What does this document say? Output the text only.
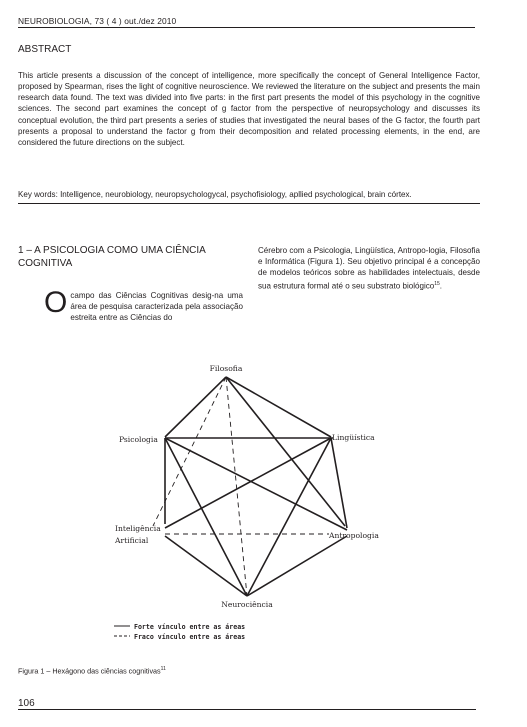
NEUROBIOLOGIA, 73 ( 4 ) out./dez 2010
ABSTRACT
This article presents a discussion of the concept of intelligence, more specifically the concept of General Intelligence Factor, proposed by Spearman, rises the light of cognitive neuroscience. We reviewed the literature on the subject and presents the main research data found. The text was divided into five parts: in the first part presents the model of this psychology in the cognitive sciences. The second part examines the concept of g factor from the perspective of neuropsychology and discusses its conceptual evolution, the third part presents a series of studies that investigated the neural bases of the G factor, the fourth part presents a proposal to understand the factor g from their decomposition and related processing elements, in the end, are considered the future directions on the subject.
Key words: Intelligence, neurobiology, neuropsychologycal, psychofisiology, apllied psychological, brain córtex.
1 – A PSICOLOGIA COMO UMA CIÊNCIA COGNITIVA
O campo das Ciências Cognitivas desig-na uma área de pesquisa caracterizada pela associação estreita entre as Ciências do
Cérebro com a Psicologia, Lingüística, Antropo-logia, Filosofia e Informática (Figura 1). Seu objetivo principal é a concepção de modelos teóricos sobre as habilidades intelectuais, desde sua estrutura formal até o seu substrato biológico$^{15}$.
Filosofia
Psicologia	Lingüística
Inteligência
Artificial
Antropologia
Neurociência
Forte vínculo entre as áreas
Fraco vínculo entre as áreas
Figura 1 – Hexágono das ciências cognitivas$^{11}$
106
